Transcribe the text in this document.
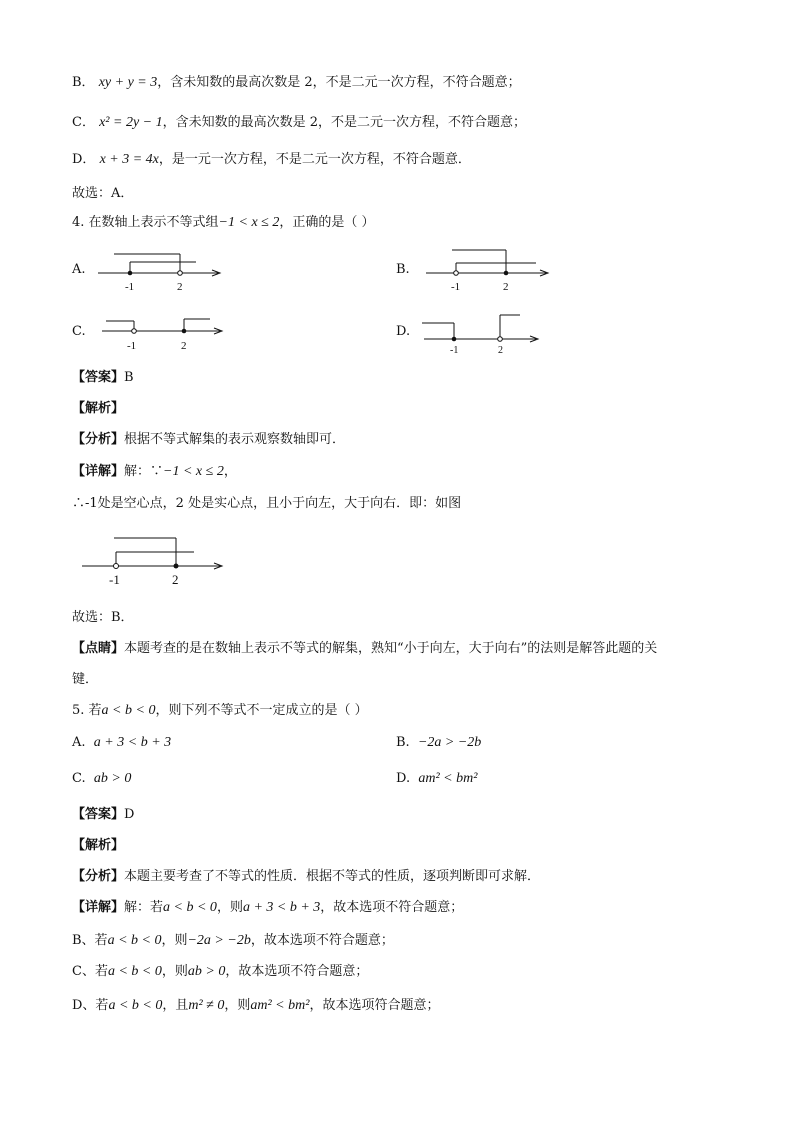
B． xy + y = 3，含未知数的最高次数是 2，不是二元一次方程，不符合题意；
C． x² = 2y − 1，含未知数的最高次数是 2，不是二元一次方程，不符合题意；
D． x + 3 = 4x，是一元一次方程，不是二元一次方程，不符合题意．
故选：A．
4. 在数轴上表示不等式组−1 < x ≤ 2，正确的是（ ）
A.
-1	2
B.
-1	2
C.
-1	2
D.
-1	2
【答案】B
【解析】
【分析】根据不等式解集的表示观察数轴即可．
【详解】解：∵−1 < x ≤ 2，
∴-1处是空心点，2 处是实心点，且小于向左，大于向右．即：如图
-1	2
故选：B．
【点睛】本题考查的是在数轴上表示不等式的解集，熟知“小于向左，大于向右”的法则是解答此题的关
键．
5. 若a < b < 0，则下列不等式不一定成立的是（ ）
A. a + 3 < b + 3	B. −2a > −2b
C. ab > 0	D. am² < bm²
【答案】D
【解析】
【分析】本题主要考查了不等式的性质．根据不等式的性质，逐项判断即可求解．
【详解】解：若a < b < 0，则a + 3 < b + 3，故本选项不符合题意；
B、若a < b < 0，则−2a > −2b，故本选项不符合题意；
C、若a < b < 0，则ab > 0，故本选项不符合题意；
D、若a < b < 0，且m² ≠ 0，则am² < bm²，故本选项符合题意；
